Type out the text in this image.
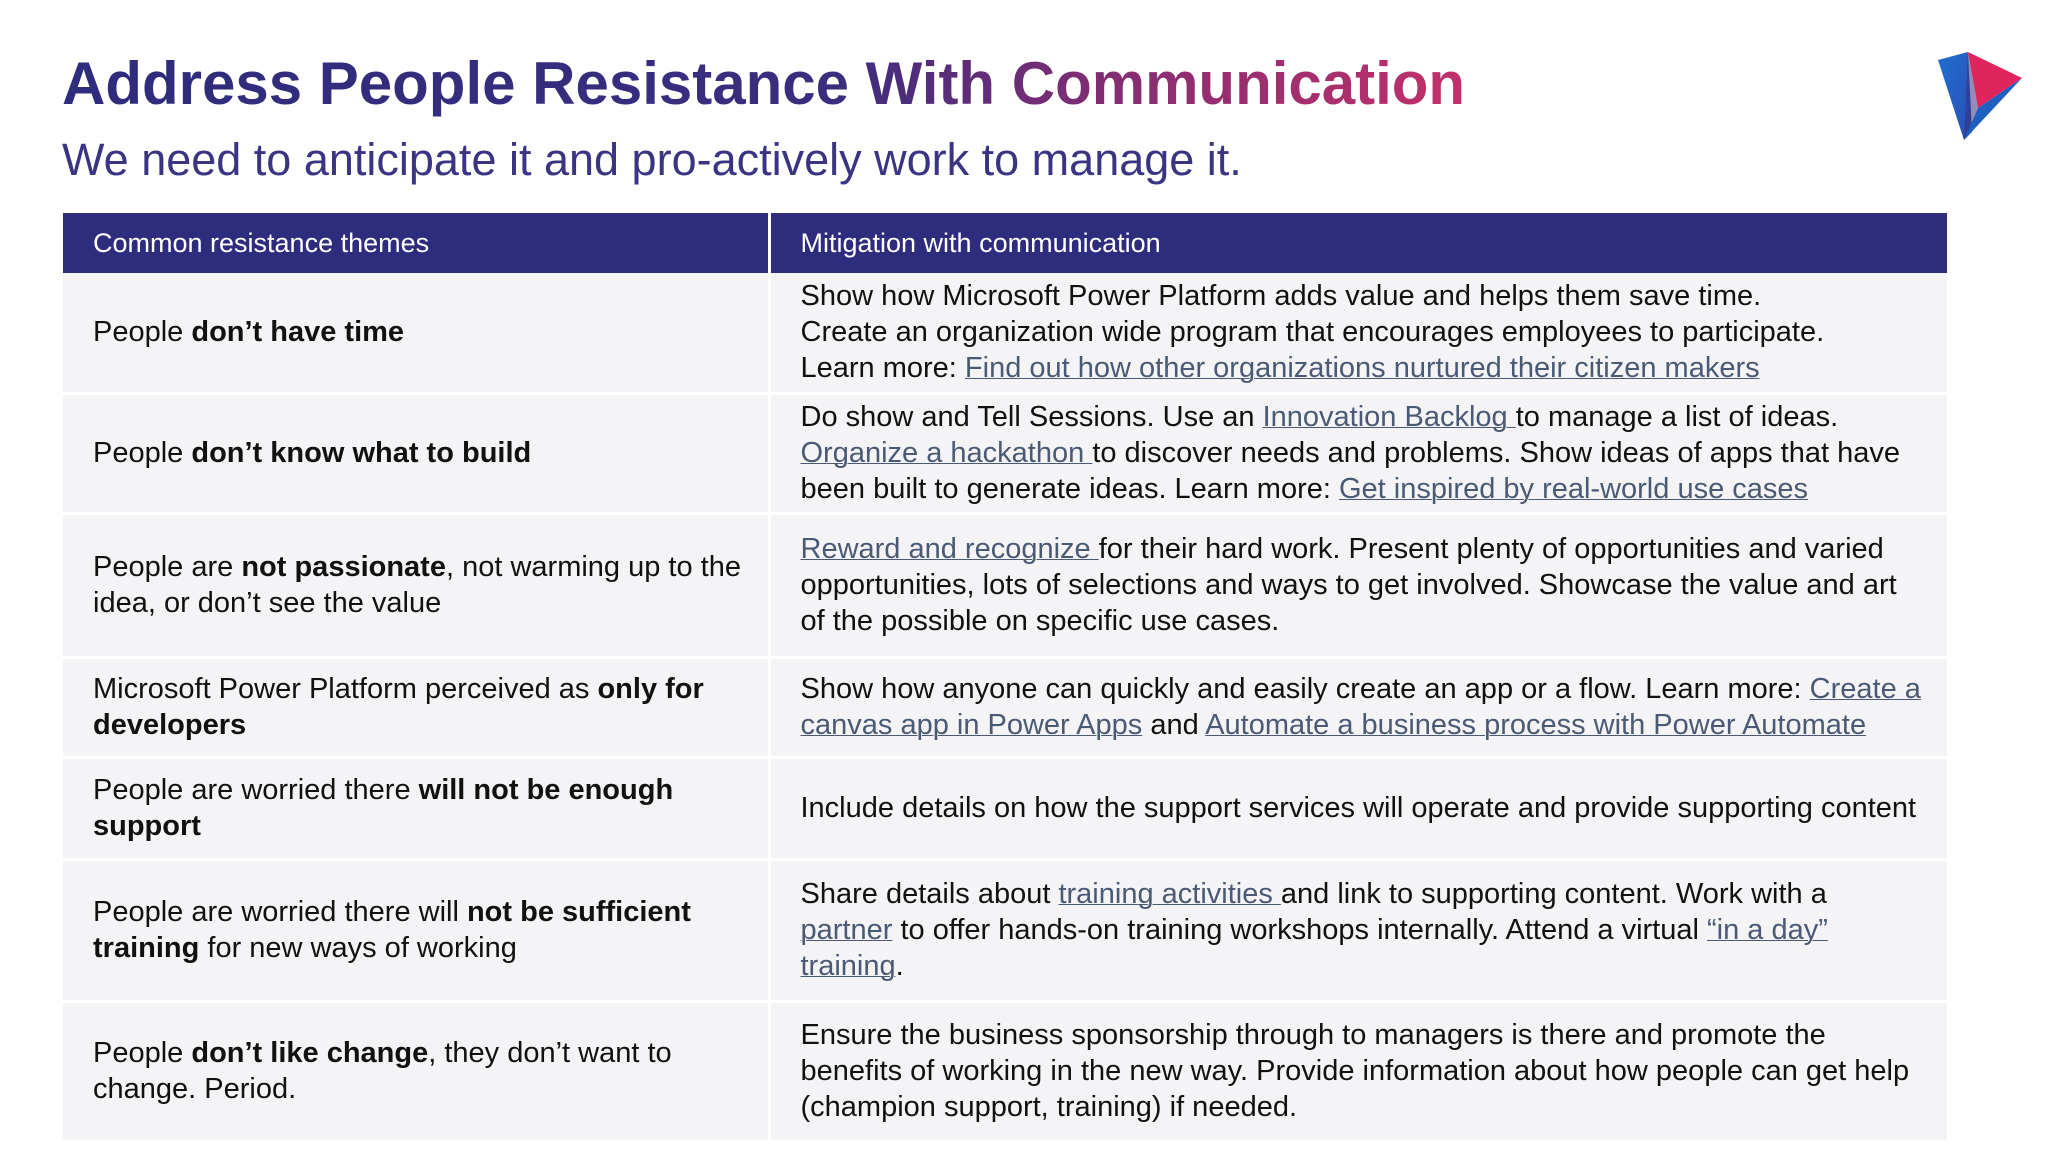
Address People Resistance With Communication

We need to anticipate it and pro-actively work to manage it.

Common resistance themes	Mitigation with communication
People don’t have time	Show how Microsoft Power Platform adds value and helps them save time.
Create an organization wide program that encourages employees to participate.
Learn more: Find out how other organizations nurtured their citizen makers

People don’t know what to build	Do show and Tell Sessions. Use an Innovation Backlog to manage a list of ideas. Organize a hackathon to discover needs and problems. Show ideas of apps that have been built to generate ideas. Learn more: Get inspired by real-world use cases
People are not passionate, not warming up to the idea, or don’t see the value	Reward and recognize for their hard work. Present plenty of opportunities and varied opportunities, lots of selections and ways to get involved. Showcase the value and art of the possible on specific use cases.
Microsoft Power Platform perceived as only for developers	Show how anyone can quickly and easily create an app or a flow. Learn more: Create a canvas app in Power Apps and Automate a business process with Power Automate
People are worried there will not be enough support	Include details on how the support services will operate and provide supporting content
People are worried there will not be sufficient training for new ways of working	Share details about training activities and link to supporting content. Work with a partner to offer hands-on training workshops internally. Attend a virtual “in a day” training.
People don’t like change, they don’t want to change. Period.	Ensure the business sponsorship through to managers is there and promote the benefits of working in the new way. Provide information about how people can get help (champion support, training) if needed.
